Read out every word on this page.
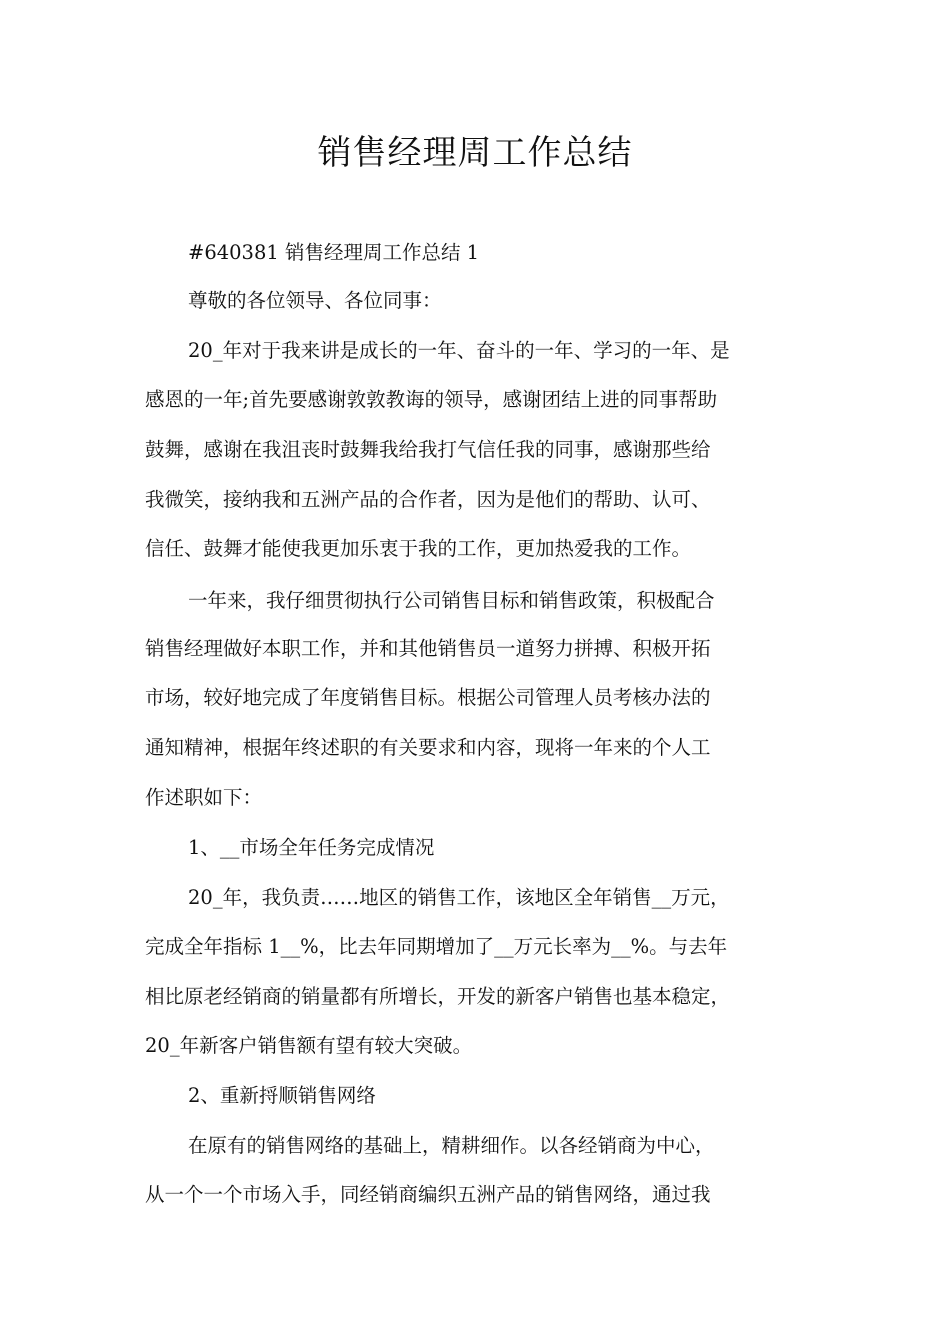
销售经理周工作总结
#640381 销售经理周工作总结 1
尊敬的各位领导、各位同事：
20_年对于我来讲是成长的一年、奋斗的一年、学习的一年、是
感恩的一年;首先要感谢敦敦教诲的领导，感谢团结上进的同事帮助
鼓舞，感谢在我沮丧时鼓舞我给我打气信任我的同事，感谢那些给
我微笑，接纳我和五洲产品的合作者，因为是他们的帮助、认可、
信任、鼓舞才能使我更加乐衷于我的工作，更加热爱我的工作。
一年来，我仔细贯彻执行公司销售目标和销售政策，积极配合
销售经理做好本职工作，并和其他销售员一道努力拼搏、积极开拓
市场，较好地完成了年度销售目标。根据公司管理人员考核办法的
通知精神，根据年终述职的有关要求和内容，现将一年来的个人工
作述职如下：
1、__市场全年任务完成情况
20_年，我负责……地区的销售工作，该地区全年销售__万元，
完成全年指标 1__%，比去年同期增加了__万元长率为__%。与去年
相比原老经销商的销量都有所增长，开发的新客户销售也基本稳定，
20_年新客户销售额有望有较大突破。
2、重新捋顺销售网络
在原有的销售网络的基础上，精耕细作。以各经销商为中心，
从一个一个市场入手，同经销商编织五洲产品的销售网络，通过我
